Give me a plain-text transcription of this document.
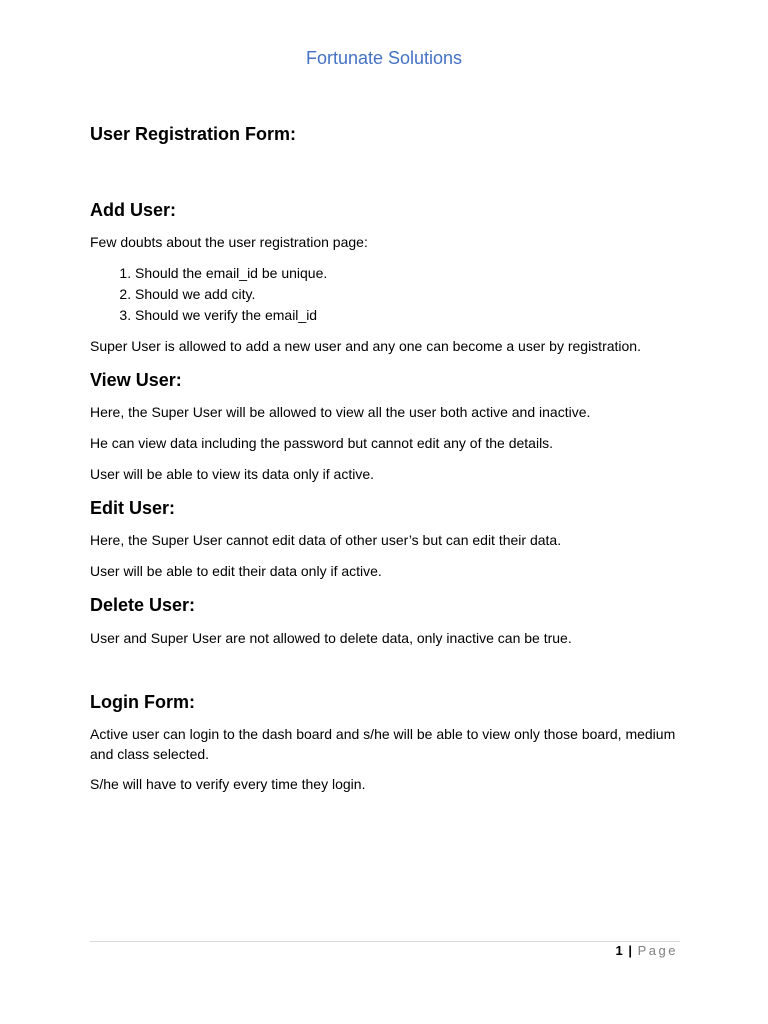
Fortunate Solutions
User Registration Form:
Add User:

Few doubts about the user registration page:

1. Should the email_id be unique.
2. Should we add city.
3. Should we verify the email_id

Super User is allowed to add a new user and any one can become a user by registration.

View User:

Here, the Super User will be allowed to view all the user both active and inactive.

He can view data including the password but cannot edit any of the details.

User will be able to view its data only if active.

Edit User:

Here, the Super User cannot edit data of other user’s but can edit their data.

User will be able to edit their data only if active.

Delete User:

User and Super User are not allowed to delete data, only inactive can be true.

Login Form:

Active user can login to the dash board and s/he will be able to view only those board, medium and class selected.

S/he will have to verify every time they login.

1 | Page
